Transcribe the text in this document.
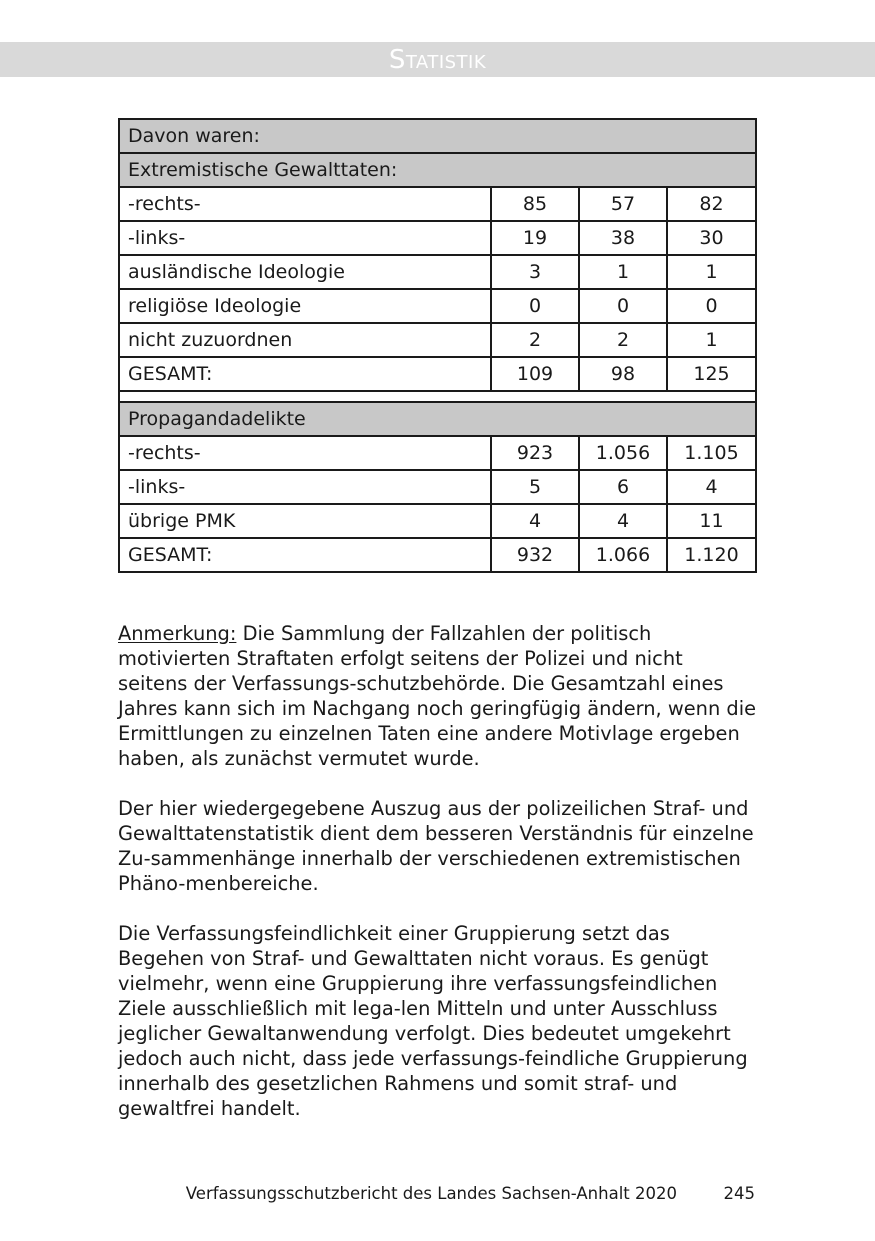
Statistik
Davon waren:			
Extremistische Gewalttaten:			
-rechts-	85	57	82
-links-	19	38	30
ausländische Ideologie	3	1	1
religiöse Ideologie	0	0	0
nicht zuzuordnen	2	2	1
GESAMT:	109	98	125

Propagandadelikte			
-rechts-	923	1.056	1.105
-links-	5	6	4
übrige PMK	4	4	11
GESAMT:	932	1.066	1.120

Anmerkung: Die Sammlung der Fallzahlen der politisch motivierten Straftaten erfolgt seitens der Polizei und nicht seitens der Verfassungs-schutzbehörde. Die Gesamtzahl eines Jahres kann sich im Nachgang noch geringfügig ändern, wenn die Ermittlungen zu einzelnen Taten eine andere Motivlage ergeben haben, als zunächst vermutet wurde.

Der hier wiedergegebene Auszug aus der polizeilichen Straf- und Gewalttatenstatistik dient dem besseren Verständnis für einzelne Zu-sammenhänge innerhalb der verschiedenen extremistischen Phäno-menbereiche.

Die Verfassungsfeindlichkeit einer Gruppierung setzt das Begehen von Straf- und Gewalttaten nicht voraus. Es genügt vielmehr, wenn eine Gruppierung ihre verfassungsfeindlichen Ziele ausschließlich mit lega-len Mitteln und unter Ausschluss jeglicher Gewaltanwendung verfolgt. Dies bedeutet umgekehrt jedoch auch nicht, dass jede verfassungs-feindliche Gruppierung innerhalb des gesetzlichen Rahmens und somit straf- und gewaltfrei handelt.

Verfassungsschutzbericht des Landes Sachsen-Anhalt 2020	245
